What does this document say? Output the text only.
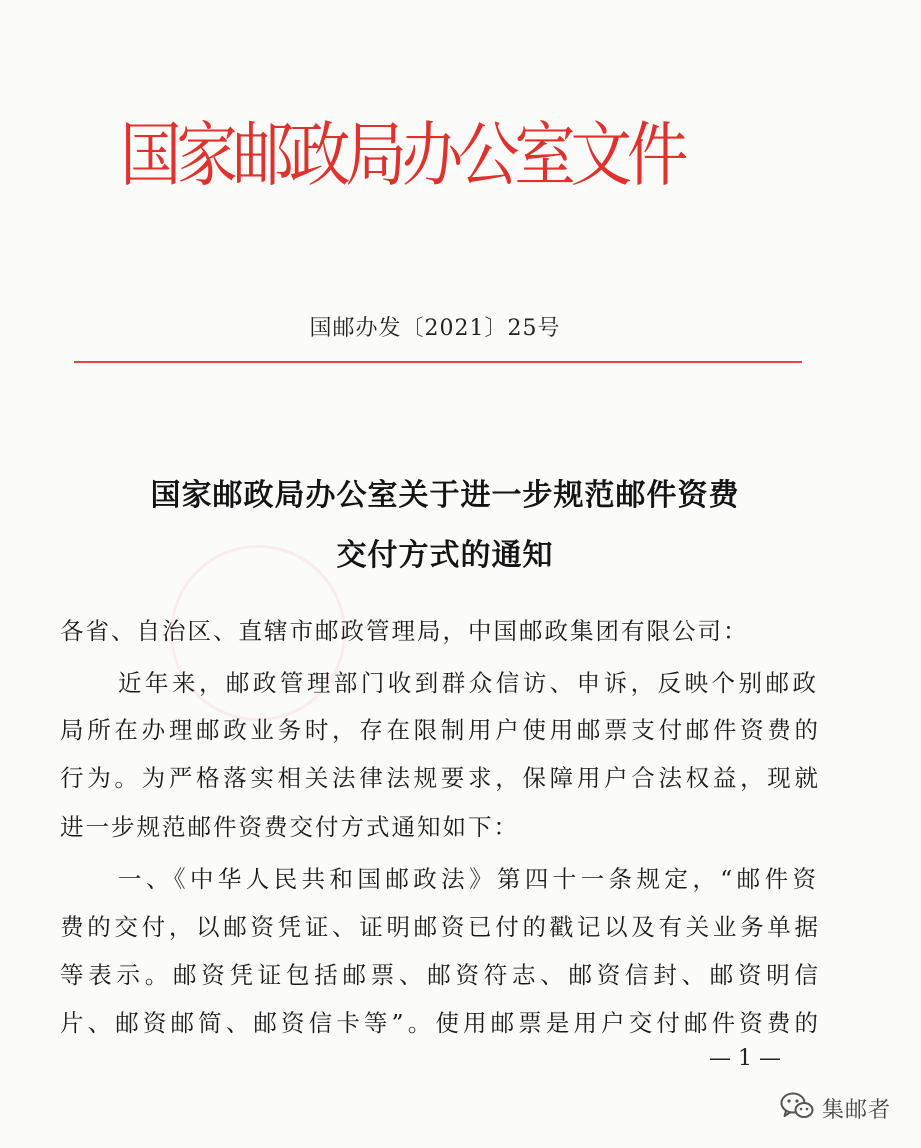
国家邮政局办公室文件
国邮办发〔2021〕25号
国家邮政局办公室关于进一步规范邮件资费
交付方式的通知
各省、自治区、直辖市邮政管理局，中国邮政集团有限公司：
近年来，邮政管理部门收到群众信访、申诉，反映个别邮政
局所在办理邮政业务时，存在限制用户使用邮票支付邮件资费的
行为。为严格落实相关法律法规要求，保障用户合法权益，现就
进一步规范邮件资费交付方式通知如下：
一、《中华人民共和国邮政法》第四十一条规定，“邮件资
费的交付，以邮资凭证、证明邮资已付的戳记以及有关业务单据
等表示。邮资凭证包括邮票、邮资符志、邮资信封、邮资明信
片、邮资邮简、邮资信卡等”。使用邮票是用户交付邮件资费的
— 1 —
集邮者
